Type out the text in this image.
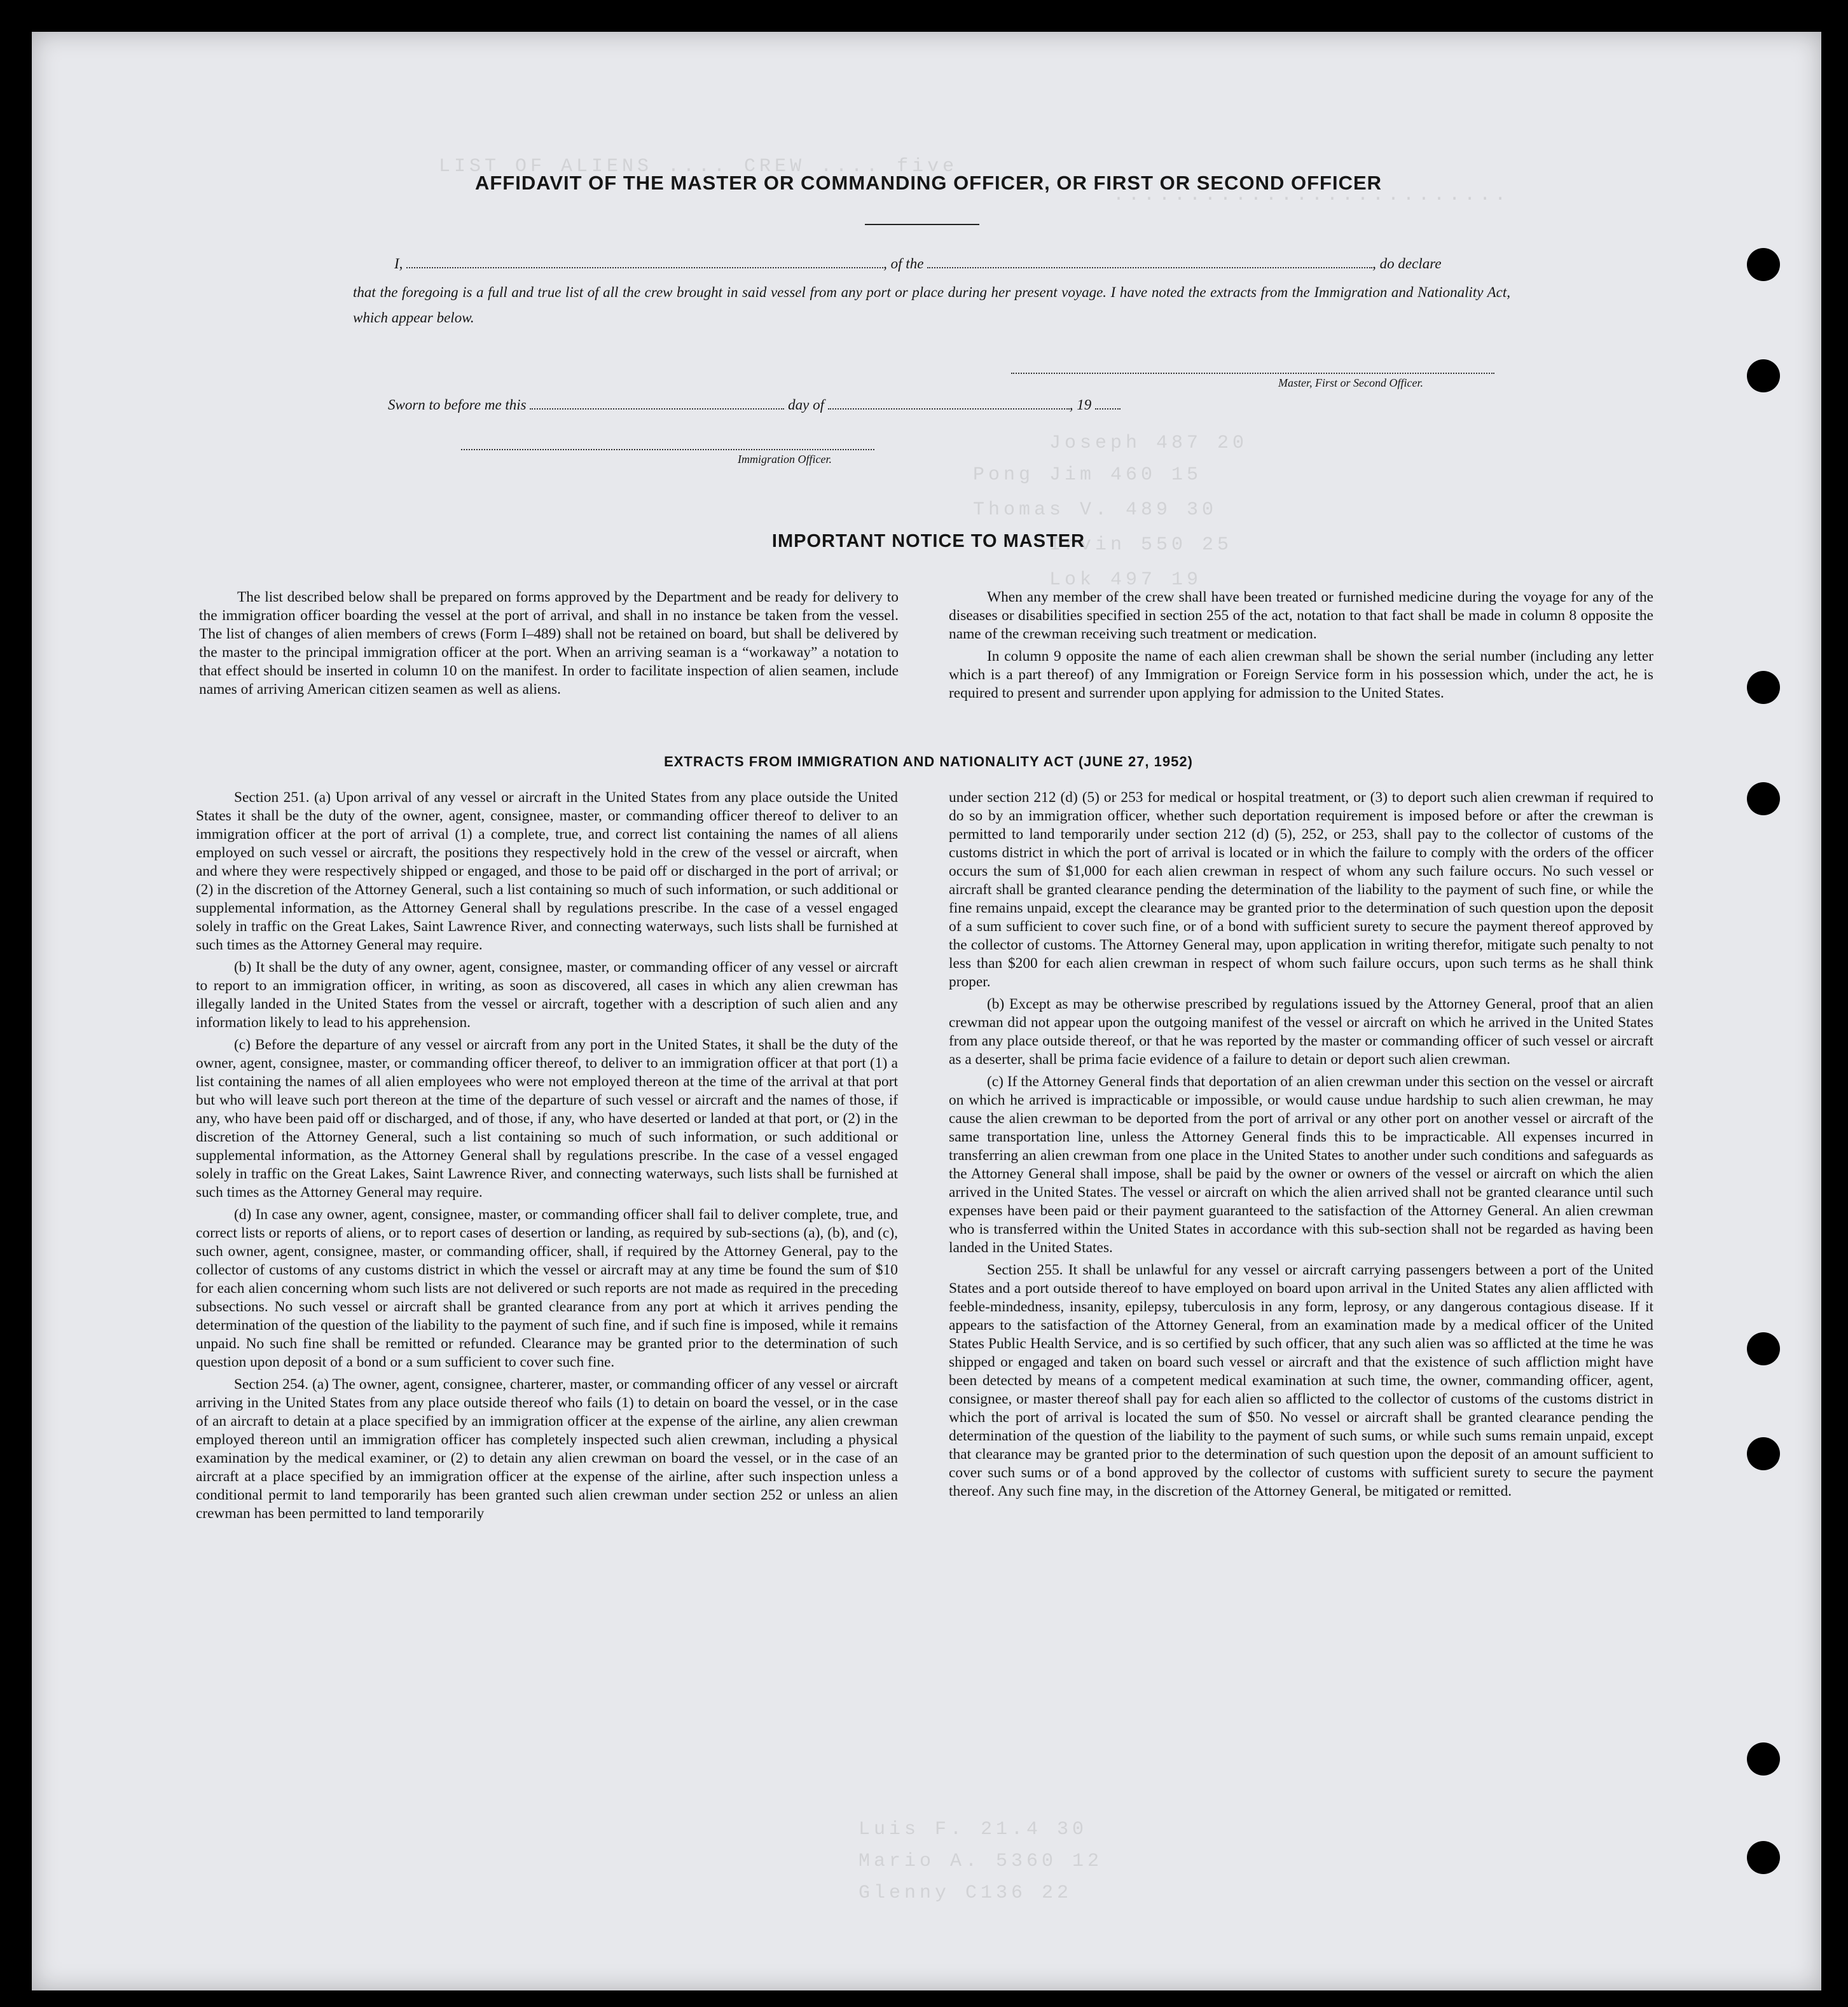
LIST OF ALIENS .... CREW .... five
..........................
Joseph 487 20
Pong Jim 460 15
Thomas V. 489 30
Irvin 550 25
Lok 497 19
Luis F. 21.4 30
Mario A. 5360 12
Glenny C136 22
AFFIDAVIT OF THE MASTER OR COMMANDING OFFICER, OR FIRST OR SECOND OFFICER
I,	, of the	, do declare
that the foregoing is a full and true list of all the crew brought in said vessel from any port or place during her present voyage. I have noted the extracts from the Immigration and Nationality Act, which appear below.
Master, First or Second Officer.
Sworn to before me this	day of	, 19
Immigration Officer.
IMPORTANT NOTICE TO MASTER

The list described below shall be prepared on forms approved by the Department and be ready for delivery to the immigration officer boarding the vessel at the port of arrival, and shall in no instance be taken from the vessel. The list of changes of alien members of crews (Form I–489) shall not be retained on board, but shall be delivered by the master to the principal immigration officer at the port. When an arriving seaman is a “workaway” a notation to that effect should be inserted in column 10 on the manifest. In order to facilitate inspection of alien seamen, include names of arriving American citizen seamen as well as aliens.

When any member of the crew shall have been treated or furnished medicine during the voyage for any of the diseases or disabilities specified in section 255 of the act, notation to that fact shall be made in column 8 opposite the name of the crewman receiving such treatment or medication.

In column 9 opposite the name of each alien crewman shall be shown the serial number (including any letter which is a part thereof) of any Immigration or Foreign Service form in his possession which, under the act, he is required to present and surrender upon applying for admission to the United States.

EXTRACTS FROM IMMIGRATION AND NATIONALITY ACT (JUNE 27, 1952)

Section 251. (a) Upon arrival of any vessel or aircraft in the United States from any place outside the United States it shall be the duty of the owner, agent, consignee, master, or commanding officer thereof to deliver to an immigration officer at the port of arrival (1) a complete, true, and correct list containing the names of all aliens employed on such vessel or aircraft, the positions they respectively hold in the crew of the vessel or aircraft, when and where they were respectively shipped or engaged, and those to be paid off or discharged in the port of arrival; or (2) in the discretion of the Attorney General, such a list containing so much of such information, or such additional or supplemental information, as the Attorney General shall by regulations prescribe. In the case of a vessel engaged solely in traffic on the Great Lakes, Saint Lawrence River, and connecting waterways, such lists shall be furnished at such times as the Attorney General may require.

(b) It shall be the duty of any owner, agent, consignee, master, or commanding officer of any vessel or aircraft to report to an immigration officer, in writing, as soon as discovered, all cases in which any alien crewman has illegally landed in the United States from the vessel or aircraft, together with a description of such alien and any information likely to lead to his apprehension.

(c) Before the departure of any vessel or aircraft from any port in the United States, it shall be the duty of the owner, agent, consignee, master, or commanding officer thereof, to deliver to an immigration officer at that port (1) a list containing the names of all alien employees who were not employed thereon at the time of the arrival at that port but who will leave such port thereon at the time of the departure of such vessel or aircraft and the names of those, if any, who have been paid off or discharged, and of those, if any, who have deserted or landed at that port, or (2) in the discretion of the Attorney General, such a list containing so much of such information, or such additional or supplemental information, as the Attorney General shall by regulations prescribe. In the case of a vessel engaged solely in traffic on the Great Lakes, Saint Lawrence River, and connecting waterways, such lists shall be furnished at such times as the Attorney General may require.

(d) In case any owner, agent, consignee, master, or commanding officer shall fail to deliver complete, true, and correct lists or reports of aliens, or to report cases of desertion or landing, as required by sub-sections (a), (b), and (c), such owner, agent, consignee, master, or commanding officer, shall, if required by the Attorney General, pay to the collector of customs of any customs district in which the vessel or aircraft may at any time be found the sum of $10 for each alien concerning whom such lists are not delivered or such reports are not made as required in the preceding subsections. No such vessel or aircraft shall be granted clearance from any port at which it arrives pending the determination of the question of the liability to the payment of such fine, and if such fine is imposed, while it remains unpaid. No such fine shall be remitted or refunded. Clearance may be granted prior to the determination of such question upon deposit of a bond or a sum sufficient to cover such fine.

Section 254. (a) The owner, agent, consignee, charterer, master, or commanding officer of any vessel or aircraft arriving in the United States from any place outside thereof who fails (1) to detain on board the vessel, or in the case of an aircraft to detain at a place specified by an immigration officer at the expense of the airline, any alien crewman employed thereon until an immigration officer has completely inspected such alien crewman, including a physical examination by the medical examiner, or (2) to detain any alien crewman on board the vessel, or in the case of an aircraft at a place specified by an immigration officer at the expense of the airline, after such inspection unless a conditional permit to land temporarily has been granted such alien crewman under section 252 or unless an alien crewman has been permitted to land temporarily

under section 212 (d) (5) or 253 for medical or hospital treatment, or (3) to deport such alien crewman if required to do so by an immigration officer, whether such deportation requirement is imposed before or after the crewman is permitted to land temporarily under section 212 (d) (5), 252, or 253, shall pay to the collector of customs of the customs district in which the port of arrival is located or in which the failure to comply with the orders of the officer occurs the sum of $1,000 for each alien crewman in respect of whom any such failure occurs. No such vessel or aircraft shall be granted clearance pending the determination of the liability to the payment of such fine, or while the fine remains unpaid, except the clearance may be granted prior to the determination of such question upon the deposit of a sum sufficient to cover such fine, or of a bond with sufficient surety to secure the payment thereof approved by the collector of customs. The Attorney General may, upon application in writing therefor, mitigate such penalty to not less than $200 for each alien crewman in respect of whom such failure occurs, upon such terms as he shall think proper.

(b) Except as may be otherwise prescribed by regulations issued by the Attorney General, proof that an alien crewman did not appear upon the outgoing manifest of the vessel or aircraft on which he arrived in the United States from any place outside thereof, or that he was reported by the master or commanding officer of such vessel or aircraft as a deserter, shall be prima facie evidence of a failure to detain or deport such alien crewman.

(c) If the Attorney General finds that deportation of an alien crewman under this section on the vessel or aircraft on which he arrived is impracticable or impossible, or would cause undue hardship to such alien crewman, he may cause the alien crewman to be deported from the port of arrival or any other port on another vessel or aircraft of the same transportation line, unless the Attorney General finds this to be impracticable. All expenses incurred in transferring an alien crewman from one place in the United States to another under such conditions and safeguards as the Attorney General shall impose, shall be paid by the owner or owners of the vessel or aircraft on which the alien arrived in the United States. The vessel or aircraft on which the alien arrived shall not be granted clearance until such expenses have been paid or their payment guaranteed to the satisfaction of the Attorney General. An alien crewman who is transferred within the United States in accordance with this sub-section shall not be regarded as having been landed in the United States.

Section 255. It shall be unlawful for any vessel or aircraft carrying passengers between a port of the United States and a port outside thereof to have employed on board upon arrival in the United States any alien afflicted with feeble-mindedness, insanity, epilepsy, tuberculosis in any form, leprosy, or any dangerous contagious disease. If it appears to the satisfaction of the Attorney General, from an examination made by a medical officer of the United States Public Health Service, and is so certified by such officer, that any such alien was so afflicted at the time he was shipped or engaged and taken on board such vessel or aircraft and that the existence of such affliction might have been detected by means of a competent medical examination at such time, the owner, commanding officer, agent, consignee, or master thereof shall pay for each alien so afflicted to the collector of customs of the customs district in which the port of arrival is located the sum of $50. No vessel or aircraft shall be granted clearance pending the determination of the question of the liability to the payment of such sums, or while such sums remain unpaid, except that clearance may be granted prior to the determination of such question upon the deposit of an amount sufficient to cover such sums or of a bond approved by the collector of customs with sufficient surety to secure the payment thereof. Any such fine may, in the discretion of the Attorney General, be mitigated or remitted.
